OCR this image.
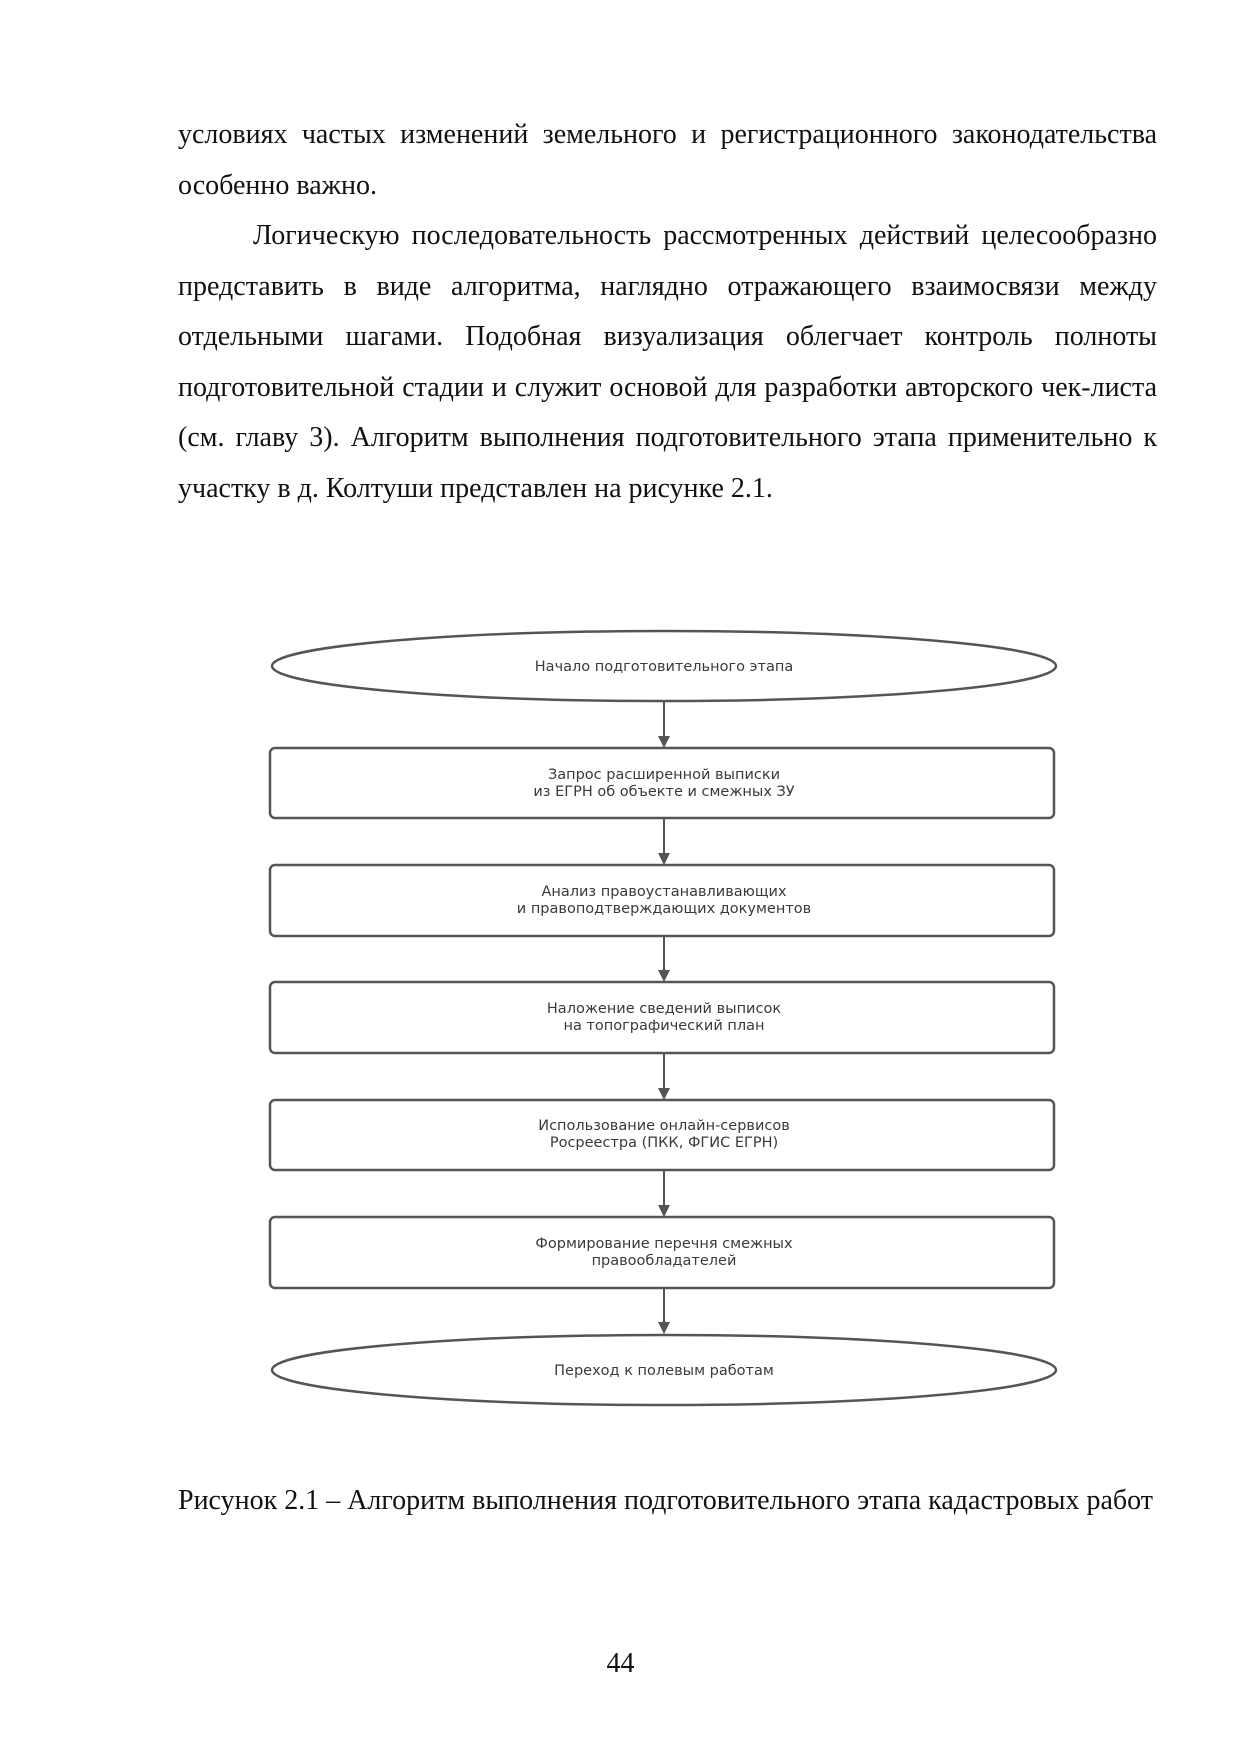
условиях частых изменений земельного и регистрационного законодательства особенно важно.

Логическую последовательность рассмотренных действий целесообразно представить в виде алгоритма, наглядно отражающего взаимосвязи между отдельными шагами. Подобная визуализация облегчает контроль полноты подготовительной стадии и служит основой для разработки авторского чек-листа (см. главу 3). Алгоритм выполнения подготовительного этапа применительно к участку в д. Колтуши представлен на рисунке 2.1.

Начало подготовительного этапа
Запрос расширенной выписки
из ЕГРН об объекте и смежных ЗУ
Анализ правоустанавливающих
и правоподтверждающих документов
Наложение сведений выписок
на топографический план
Использование онлайн-сервисов
Росреестра (ПКК, ФГИС ЕГРН)
Формирование перечня смежных
правообладателей
Переход к полевым работам

Рисунок 2.1 – Алгоритм выполнения подготовительного этапа кадастровых работ

44
